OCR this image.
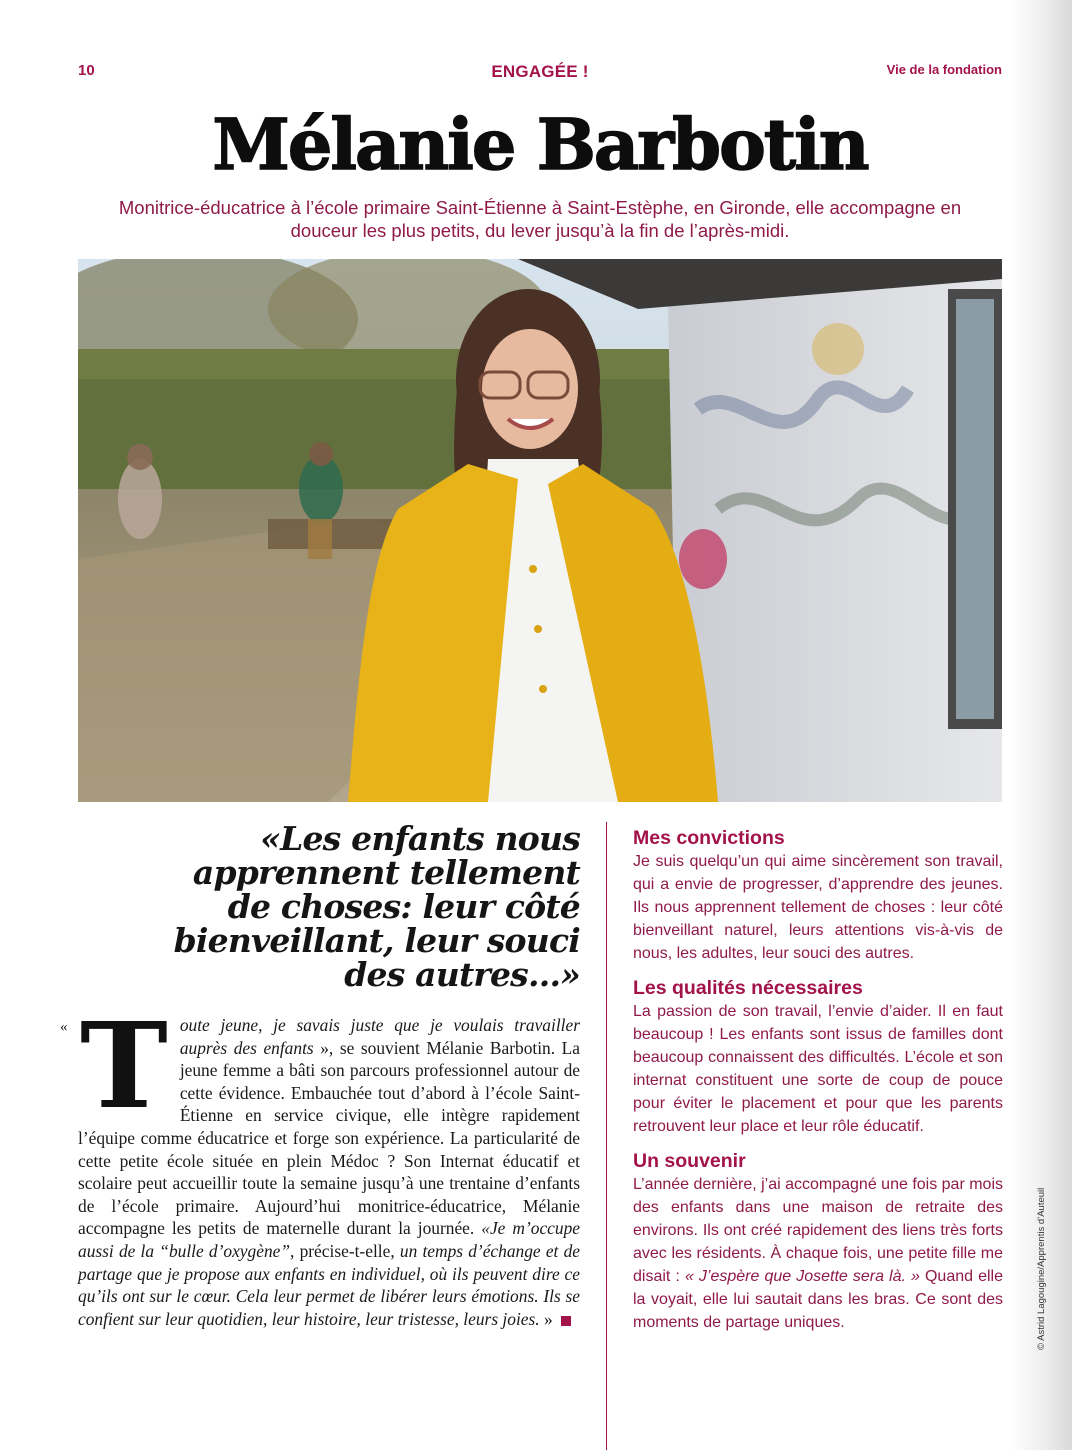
10	ENGAGÉE !	Vie de la fondation
Mélanie Barbotin
Monitrice-éducatrice à l’école primaire Saint-Étienne à Saint-Estèphe, en Gironde, elle accompagne en douceur les plus petits, du lever jusqu’à la fin de l’après-midi.
«Les enfants nous apprennent tellement de choses: leur côté bienveillant, leur souci des autres…»
« T oute jeune, je savais juste que je voulais travailler auprès des enfants », se souvient Mélanie Barbotin. La jeune femme a bâti son parcours professionnel autour de cette évidence. Embauchée tout d’abord à l’école Saint-Étienne en service civique, elle intègre rapidement l’équipe comme éducatrice et forge son expérience. La particularité de cette petite école située en plein Médoc ? Son Internat éducatif et scolaire peut accueillir toute la semaine jusqu’à une trentaine d’enfants de l’école primaire. Aujourd’hui monitrice-éducatrice, Mélanie accompagne les petits de maternelle durant la journée. «Je m’occupe aussi de la “bulle d’oxygène”, précise-t-elle, un temps d’échange et de partage que je propose aux enfants en individuel, où ils peuvent dire ce qu’ils ont sur le cœur. Cela leur permet de libérer leurs émotions. Ils se confient sur leur quotidien, leur histoire, leur tristesse, leurs joies. »

Mes convictions

Je suis quelqu’un qui aime sincèrement son travail, qui a envie de progresser, d’apprendre des jeunes. Ils nous apprennent tellement de choses : leur côté bienveillant naturel, leurs attentions vis-à-vis de nous, les adultes, leur souci des autres.

Les qualités nécessaires

La passion de son travail, l’envie d’aider. Il en faut beaucoup ! Les enfants sont issus de familles dont beaucoup connaissent des difficultés. L’école et son internat constituent une sorte de coup de pouce pour éviter le placement et pour que les parents retrouvent leur place et leur rôle éducatif.

Un souvenir

L’année dernière, j’ai accompagné une fois par mois des enfants dans une maison de retraite des environs. Ils ont créé rapidement des liens très forts avec les résidents. À chaque fois, une petite fille me disait : « J’espère que Josette sera là. » Quand elle la voyait, elle lui sautait dans les bras. Ce sont des moments de partage uniques.	© Astrid Lagougine/Apprentis d’Auteuil
